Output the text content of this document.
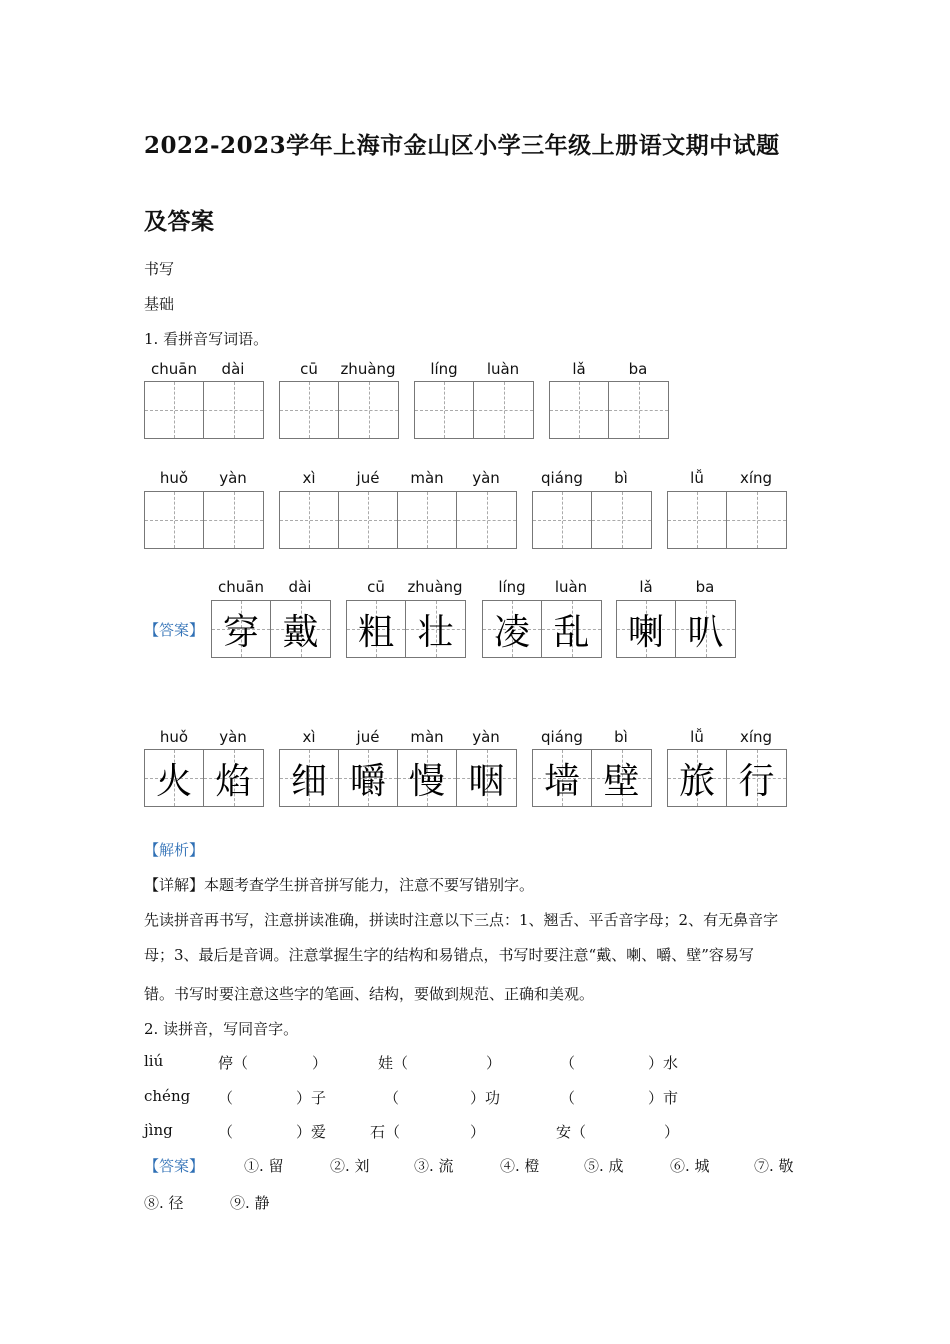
2022-2023学年上海市金山区小学三年级上册语文期中试题
及答案
书写
基础
1. 看拼音写词语。
chuān	dài	cū	zhuàng	líng	luàn	lǎ	ba
huǒ	yàn	xì	jué	màn	yàn	qiáng	bì	lǚ	xíng
【答案】
chuān	dài
穿 戴
cū	zhuàng
粗 壮
líng	luàn
凌 乱
lǎ	ba
喇 叭
huǒ	yàn
火 焰
xì	jué	màn	yàn
细 嚼 慢 咽
qiáng	bì
墙 壁
lǚ	xíng
旅 行
【解析】
【详解】本题考查学生拼音拼写能力，注意不要写错别字。
先读拼音再书写，注意拼读准确，拼读时注意以下三点：1、翘舌、平舌音字母；2、有无鼻音字
母；3、最后是音调。注意掌握生字的结构和易错点，书写时要注意“戴、喇、嚼、壁”容易写
错。书写时要注意这些字的笔画、结构，要做到规范、正确和美观。
2. 读拼音，写同音字。
liú	停（	）	娃（	）	（	）水
chéng （	）子	（	）功	（	）市
jìng	（	）爱	石（	）	安（	）
【答案】	①. 留	②. 刘	③. 流	④. 橙	⑤. 成	⑥. 城	⑦. 敬
⑧. 径	⑨. 静
